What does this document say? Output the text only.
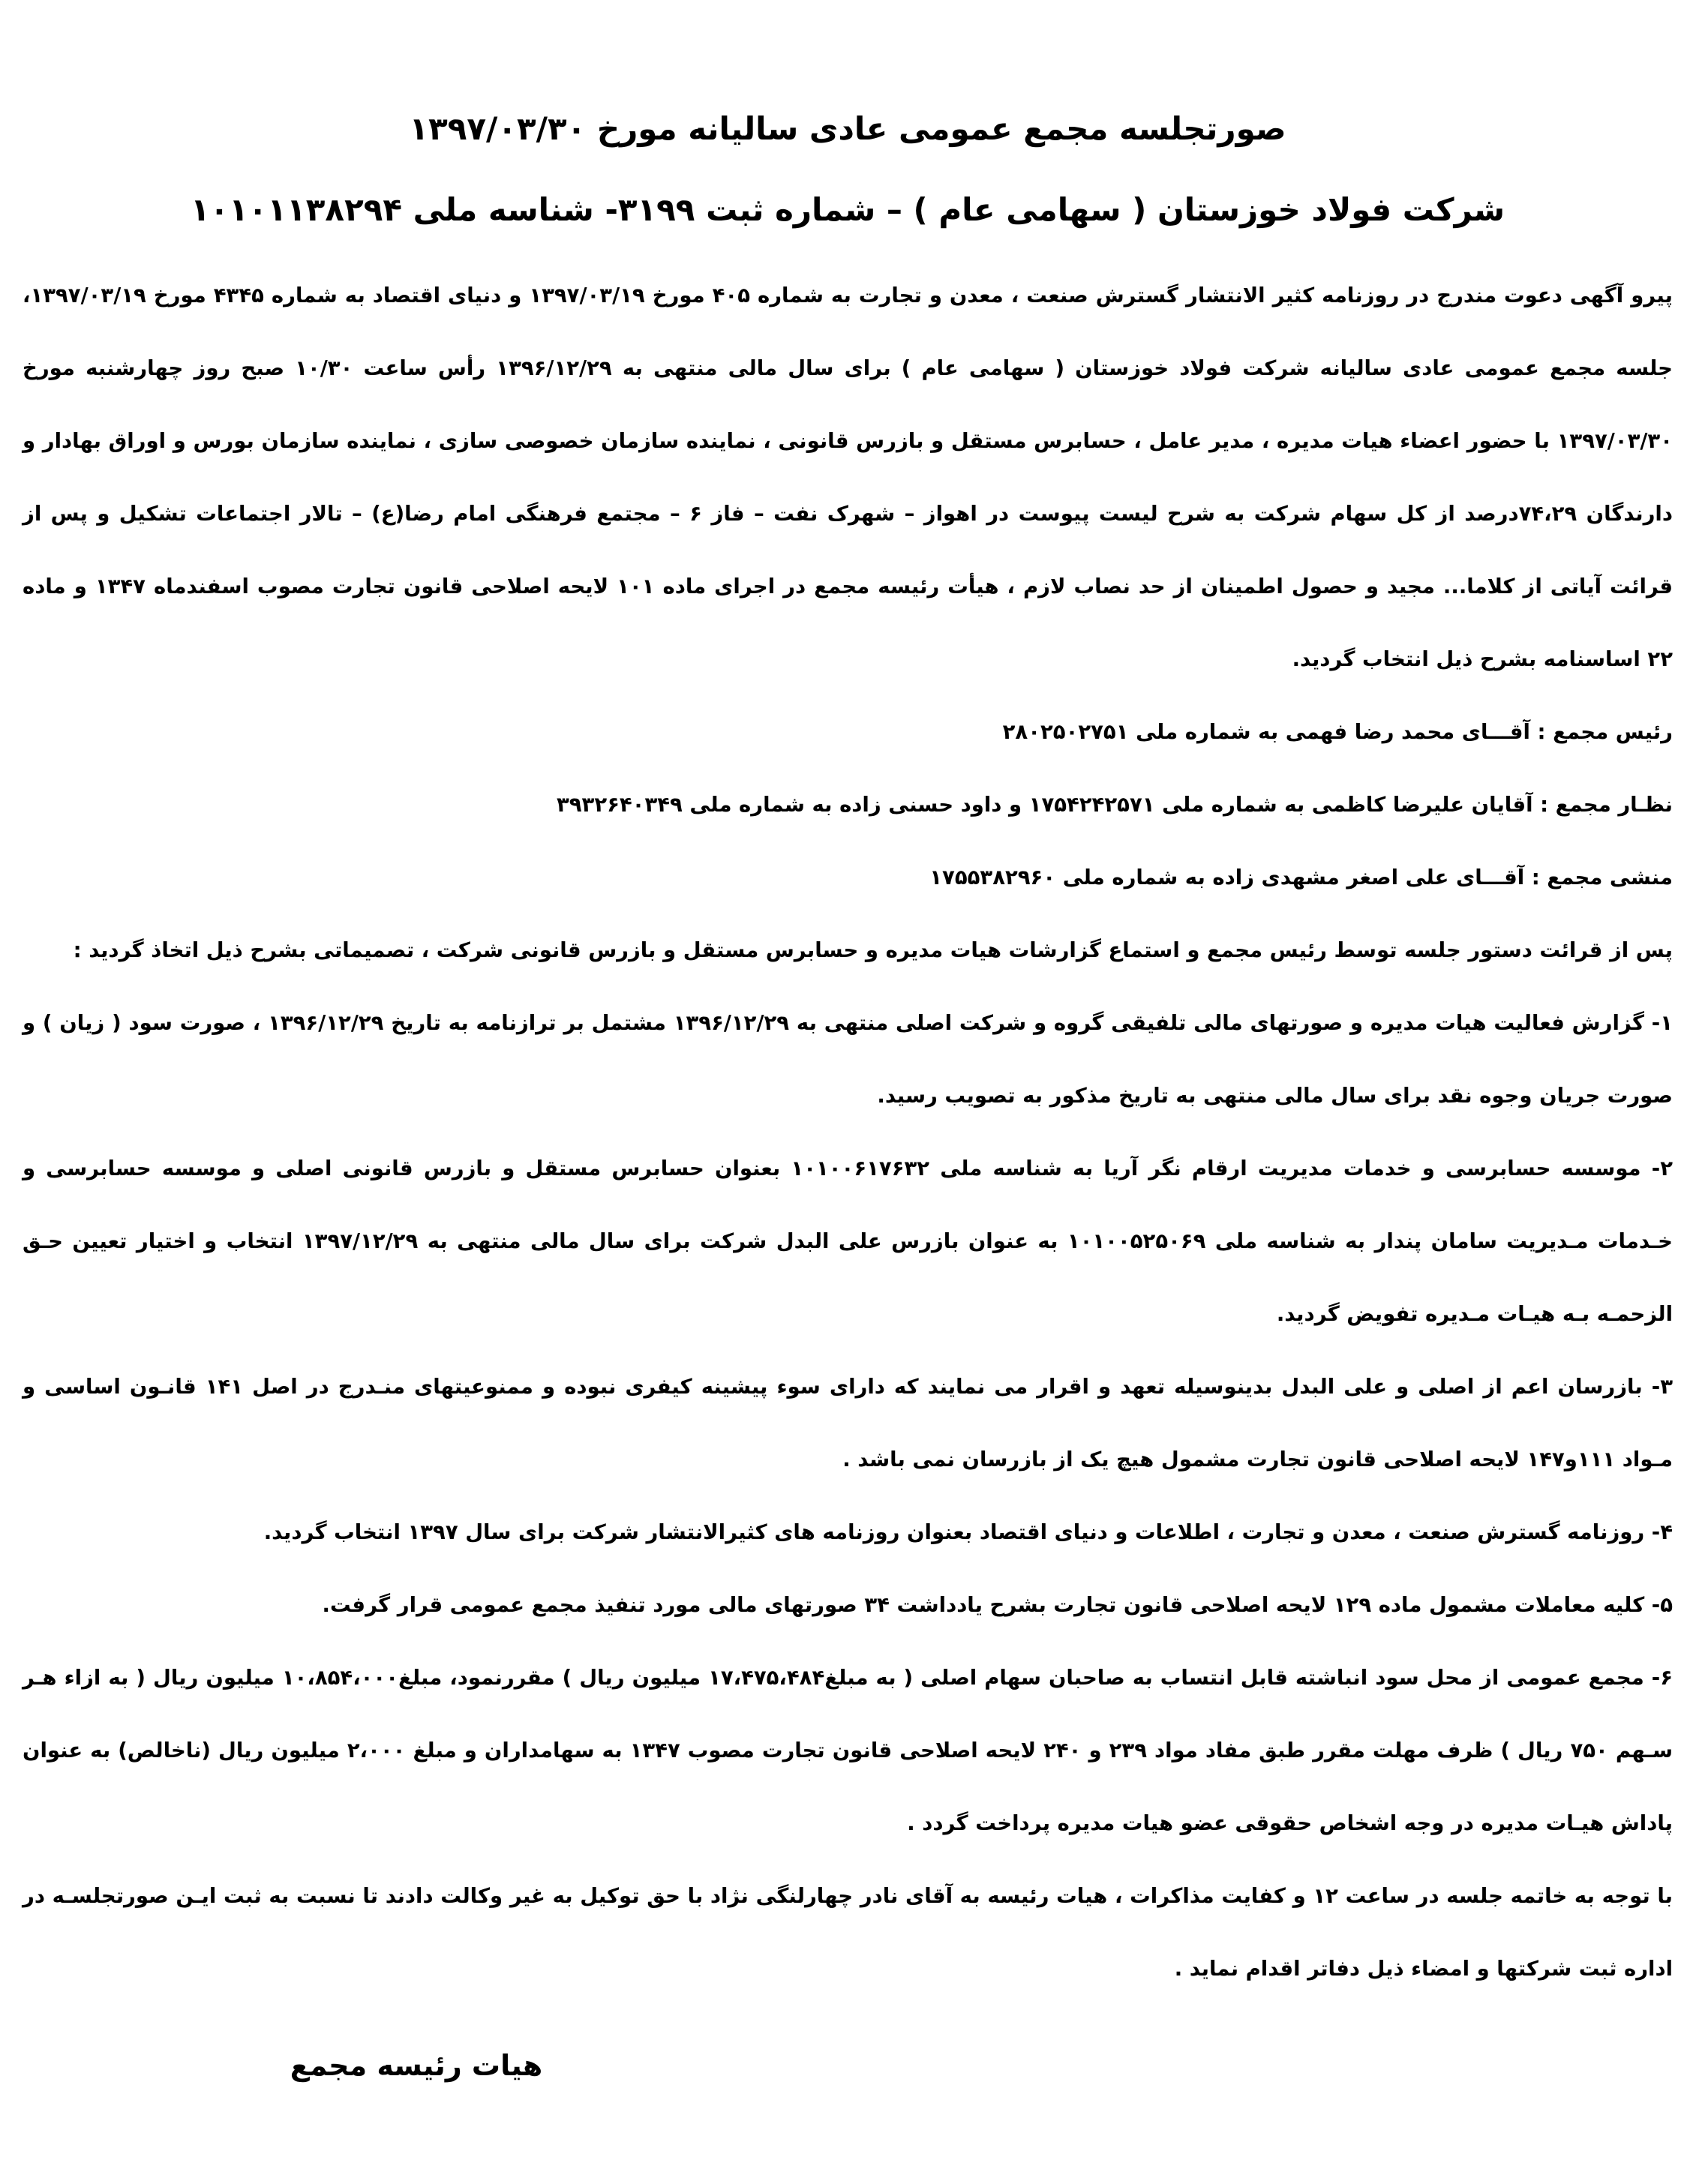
صورتجلسه مجمع عمومی عادی سالیانه مورخ ۱۳۹۷/۰۳/۳۰
شرکت فولاد خوزستان ( سهامی عام ) – شماره ثبت ۳۱۹۹- شناسه ملی ۱۰۱۰۱۱۳۸۲۹۴

پیرو آگهی دعوت مندرج در روزنامه کثیر الانتشار گسترش صنعت ، معدن و تجارت به شماره ۴۰۵ مورخ ۱۳۹۷/۰۳/۱۹ و دنیای اقتصاد به شماره ۴۳۴۵ مورخ ۱۳۹۷/۰۳/۱۹، جلسه مجمع عمومی عادی سالیانه شرکت فولاد خوزستان ( سهامی عام ) برای سال مالی منتهی به ۱۳۹۶/۱۲/۲۹ رأس ساعت ۱۰/۳۰ صبح روز چهارشنبه مورخ ۱۳۹۷/۰۳/۳۰ با حضور اعضاء هیات مدیره ، مدیر عامل ، حسابرس مستقل و بازرس قانونی ، نماینده سازمان خصوصی سازی ، نماینده سازمان بورس و اوراق بهادار و دارندگان ۷۴،۲۹درصد از کل سهام شرکت به شرح لیست پیوست در اهواز – شهرک نفت – فاز ۶ – مجتمع فرهنگی امام رضا(ع) – تالار اجتماعات تشکیل و پس از قرائت آیاتی از کلاما... مجید و حصول اطمینان از حد نصاب لازم ، هیأت رئیسه مجمع در اجرای ماده ۱۰۱ لایحه اصلاحی قانون تجارت مصوب اسفندماه ۱۳۴۷ و ماده ۲۲ اساسنامه بشرح ذیل انتخاب گردید.

رئیس مجمع : آقـــای محمد رضا فهمی به شماره ملی ۲۸۰۲۵۰۲۷۵۱

نظـار مجمع : آقایان علیرضا کاظمی به شماره ملی ۱۷۵۴۲۴۲۵۷۱ و داود حسنی زاده به شماره ملی ۳۹۳۲۶۴۰۳۴۹

منشی مجمع : آقـــای علی اصغر مشهدی زاده به شماره ملی ۱۷۵۵۳۸۲۹۶۰

پس از قرائت دستور جلسه توسط رئیس مجمع و استماع گزارشات هیات مدیره و حسابرس مستقل و بازرس قانونی شرکت ، تصمیماتی بشرح ذیل اتخاذ گردید :

۱- گزارش فعالیت هیات مدیره و صورتهای مالی تلفیقی گروه و شرکت اصلی منتهی به ۱۳۹۶/۱۲/۲۹ مشتمل بر ترازنامه به تاریخ ۱۳۹۶/۱۲/۲۹ ، صورت سود ( زیان ) و صورت جریان وجوه نقد برای سال مالی منتهی به تاریخ مذکور به تصویب رسید.

۲- موسسه حسابرسی و خدمات مدیریت ارقام نگر آریا به شناسه ملی ۱۰۱۰۰۶۱۷۶۳۲ بعنوان حسابرس مستقل و بازرس قانونی اصلی و موسسه حسابرسی و خـدمات مـدیریت سامان پندار به شناسه ملی ۱۰۱۰۰۵۲۵۰۶۹ به عنوان بازرس علی البدل شرکت برای سال مالی منتهی به ۱۳۹۷/۱۲/۲۹ انتخاب و اختیار تعیین حـق الزحمـه بـه هیـات مـدیره تفویض گردید.

۳- بازرسان اعم از اصلی و علی البدل بدینوسیله تعهد و اقرار می نمایند که دارای سوء پیشینه کیفری نبوده و ممنوعیتهای منـدرج در اصل ۱۴۱ قانـون اساسی و مـواد ۱۱۱و۱۴۷ لایحه اصلاحی قانون تجارت مشمول هیچ یک از بازرسان نمی باشد .

۴- روزنامه گسترش صنعت ، معدن و تجارت ، اطلاعات و دنیای اقتصاد بعنوان روزنامه های کثیرالانتشار شرکت برای سال ۱۳۹۷ انتخاب گردید.

۵- کلیه معاملات مشمول ماده ۱۲۹ لایحه اصلاحی قانون تجارت بشرح یادداشت ۳۴ صورتهای مالی مورد تنفیذ مجمع عمومی قرار گرفت.

۶- مجمع عمومی از محل سود انباشته قابل انتساب به صاحبان سهام اصلی ( به مبلغ۱۷،۴۷۵،۴۸۴ میلیون ریال ) مقررنمود، مبلغ۱۰،۸۵۴،۰۰۰ میلیون ریال ( به ازاء هـر سـهم ۷۵۰ ریال ) ظرف مهلت مقرر طبق مفاد مواد ۲۳۹ و ۲۴۰ لایحه اصلاحی قانون تجارت مصوب ۱۳۴۷ به سهامداران و مبلغ ۲،۰۰۰ میلیون ریال (ناخالص) به عنوان پاداش هیـات مدیره در وجه اشخاص حقوقی عضو هیات مدیره پرداخت گردد .

با توجه به خاتمه جلسه در ساعت ۱۲ و کفایت مذاکرات ، هیات رئیسه به آقای نادر چهارلنگی نژاد با حق توکیل به غیر وکالت دادند تا نسبت به ثبت ایـن صورتجلسـه در اداره ثبت شرکتها و امضاء ذیل دفاتر اقدام نماید .

هیات رئیسه مجمع
